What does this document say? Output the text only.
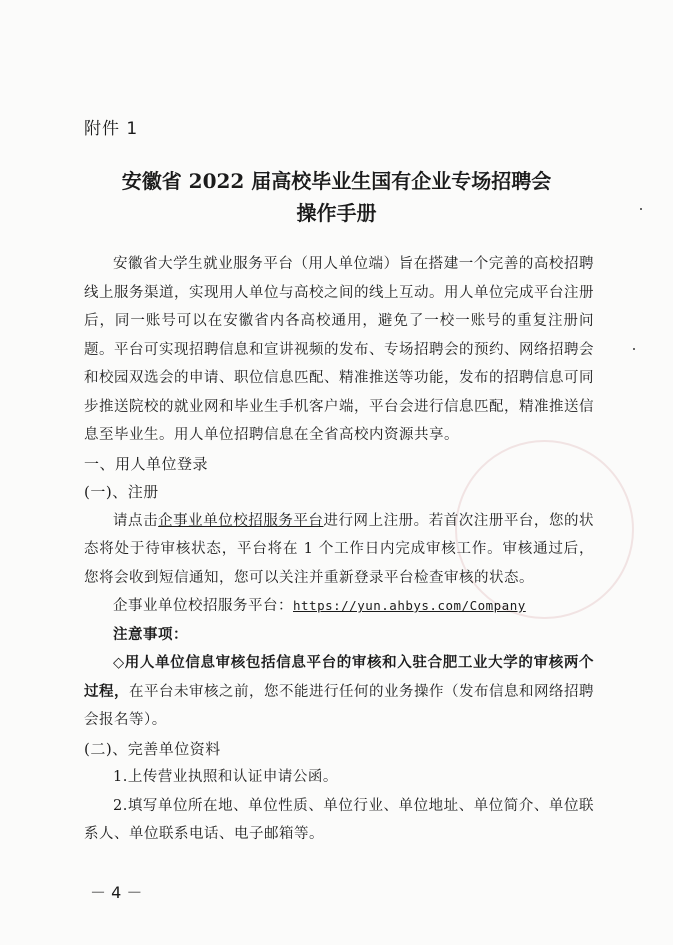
附件 1
安徽省 2022 届高校毕业生国有企业专场招聘会
操作手册

安徽省大学生就业服务平台（用人单位端）旨在搭建一个完善的高校招聘线上服务渠道，实现用人单位与高校之间的线上互动。用人单位完成平台注册后，同一账号可以在安徽省内各高校通用，避免了一校一账号的重复注册问题。平台可实现招聘信息和宣讲视频的发布、专场招聘会的预约、网络招聘会和校园双选会的申请、职位信息匹配、精准推送等功能，发布的招聘信息可同步推送院校的就业网和毕业生手机客户端，平台会进行信息匹配，精准推送信息至毕业生。用人单位招聘信息在全省高校内资源共享。

一、用人单位登录

(一)、注册

请点击企事业单位校招服务平台进行网上注册。若首次注册平台，您的状态将处于待审核状态，平台将在 1 个工作日内完成审核工作。审核通过后，您将会收到短信通知，您可以关注并重新登录平台检查审核的状态。

企事业单位校招服务平台：https://yun.ahbys.com/Company

注意事项：

◇用人单位信息审核包括信息平台的审核和入驻合肥工业大学的审核两个过程，在平台未审核之前，您不能进行任何的业务操作（发布信息和网络招聘会报名等）。

(二)、完善单位资料

1.上传营业执照和认证申请公函。

2.填写单位所在地、单位性质、单位行业、单位地址、单位简介、单位联系人、单位联系电话、电子邮箱等。

－ 4 －
